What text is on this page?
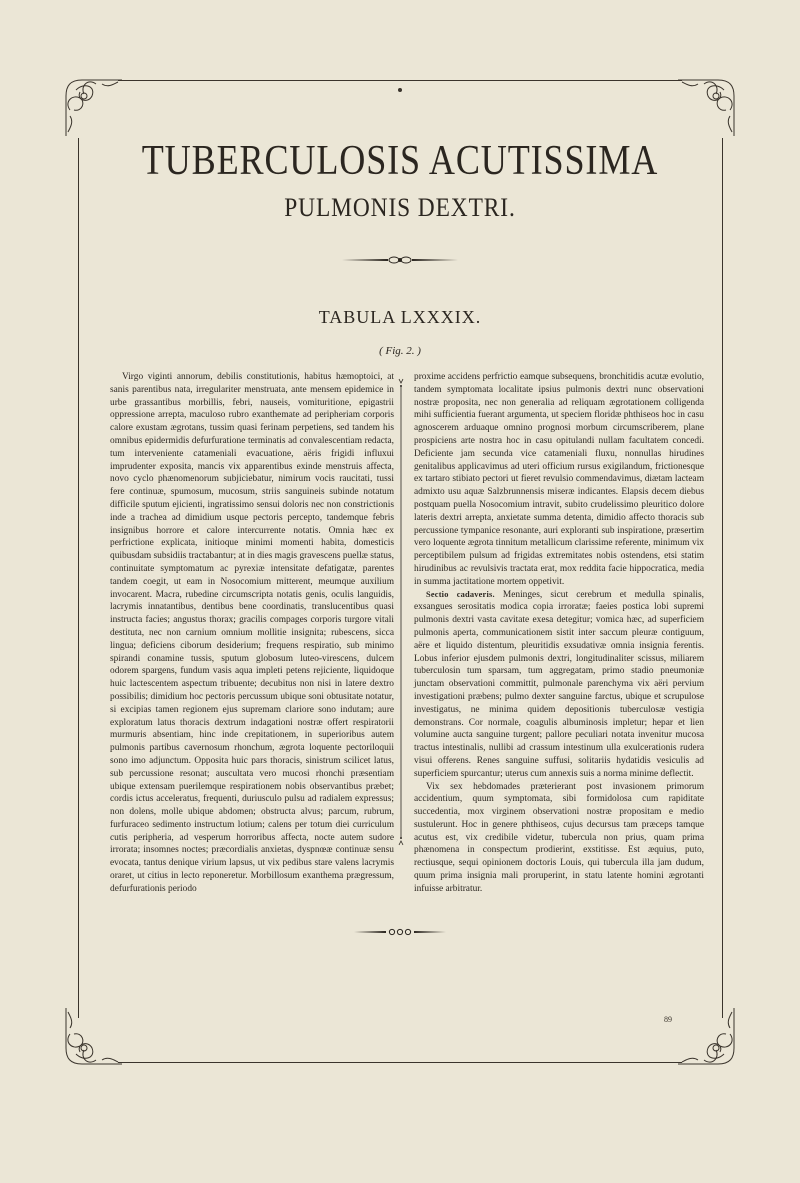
TUBERCULOSIS ACUTISSIMA
PULMONIS DEXTRI.
TABULA LXXXIX.
( Fig. 2. )

Virgo viginti annorum, debilis constitutionis, habitus hæmoptoici, at sanis parentibus nata, irregulariter menstruata, ante mensem epidemice in urbe grassantibus morbillis, febri, nauseis, vomituritione, epigastrii oppressione arrepta, maculoso rubro exanthemate ad peripheriam corporis calore exustam ægrotans, tussim quasi ferinam perpetiens, sed tandem his omnibus epidermidis defurfuratione terminatis ad convalescentiam redacta, tum interveniente catameniali evacuatione, aëris frigidi influxui imprudenter exposita, mancis vix apparentibus exinde menstruis affecta, novo cyclo phænomenorum subjiciebatur, nimirum vocis raucitati, tussi fere continuæ, spumosum, mucosum, striis sanguineis subinde notatum difficile sputum ejicienti, ingratissimo sensui doloris nec non constrictionis inde a trachea ad dimidium usque pectoris percepto, tandemque febris insignibus horrore et calore intercurrente notatis. Omnia hæc ex perfrictione explicata, initioque minimi momenti habita, domesticis quibusdam subsidiis tractabantur; at in dies magis gravescens puellæ status, continuitate symptomatum ac pyrexiæ intensitate defatigatæ, parentes tandem coegit, ut eam in Nosocomium mitterent, meumque auxilium invocarent. Macra, rubedine circumscripta notatis genis, oculis languidis, lacrymis innatantibus, dentibus bene coordinatis, translucentibus quasi instructa facies; angustus thorax; gracilis compages corporis turgore vitali destituta, nec non carnium omnium mollitie insignita; rubescens, sicca lingua; deficiens ciborum desiderium; frequens respiratio, sub minimo spirandi conamine tussis, sputum globosum luteo-virescens, dulcem odorem spargens, fundum vasis aqua impleti petens rejiciente, liquidoque huic lactescentem aspectum tribuente; decubitus non nisi in latere dextro possibilis; dimidium hoc pectoris percussum ubique soni obtusitate notatur, si excipias tamen regionem ejus supremam clariore sono indutam; aure exploratum latus thoracis dextrum indagationi nostræ offert respiratorii murmuris absentiam, hinc inde crepitationem, in superioribus autem pulmonis partibus cavernosum rhonchum, ægrota loquente pectoriloquii sono imo adjunctum. Opposita huic pars thoracis, sinistrum scilicet latus, sub percussione resonat; auscultata vero mucosi rhonchi præsentiam ubique extensam puerilemque respirationem nobis observantibus præbet; cordis ictus acceleratus, frequenti, duriusculo pulsu ad radialem expressus; non dolens, molle ubique abdomen; obstructa alvus; parcum, rubrum, furfuraceo sedimento instructum lotium; calens per totum diei curriculum cutis peripheria, ad vesperum horroribus affecta, nocte autem sudore irrorata; insomnes noctes; præcordialis anxietas, dyspnœæ continuæ sensu evocata, tantus denique virium lapsus, ut vix pedibus stare valens lacrymis oraret, ut citius in lecto reponeretur. Morbillosum exanthema prægressum, defurfurationis periodo

proxime accidens perfrictio eamque subsequens, bronchitidis acutæ evolutio, tandem symptomata localitate ipsius pulmonis dextri nunc observationi nostræ proposita, nec non generalia ad reliquam ægrotationem colligenda mihi sufficientia fuerant argumenta, ut speciem floridæ phthiseos hoc in casu agnoscerem arduaque omnino prognosi morbum circumscriberem, plane prospiciens arte nostra hoc in casu opitulandi nullam facultatem concedi. Deficiente jam secunda vice catameniali fluxu, nonnullas hirudines genitalibus applicavimus ad uteri officium rursus exigilandum, frictionesque ex tartaro stibiato pectori ut fieret revulsio commendavimus, diætam lacteam admixto usu aquæ Salzbrunnensis miseræ indicantes. Elapsis decem diebus postquam puella Nosocomium intravit, subito crudelissimo pleuritico dolore lateris dextri arrepta, anxietate summa detenta, dimidio affecto thoracis sub percussione tympanice resonante, auri exploranti sub inspiratione, præsertim vero loquente ægrota tinnitum metallicum clarissime referente, minimum vix perceptibilem pulsum ad frigidas extremitates nobis ostendens, etsi statim hirudinibus ac revulsivis tractata erat, mox reddita facie hippocratica, media in summa jactitatione mortem oppetivit.

Sectio cadaveris. Meninges, sicut cerebrum et medulla spinalis, exsangues serositatis modica copia irroratæ; faeies postica lobi supremi pulmonis dextri vasta cavitate exesa detegitur; vomica hæc, ad superficiem pulmonis aperta, communicationem sistit inter saccum pleuræ contiguum, aëre et liquido distentum, pleuritidis exsudativæ omnia insignia ferentis. Lobus inferior ejusdem pulmonis dextri, longitudinaliter scissus, miliarem tuberculosin tum sparsam, tum aggregatam, primo stadio pneumoniæ junctam observationi committit, pulmonale parenchyma vix aëri pervium investigationi præbens; pulmo dexter sanguine farctus, ubique et scrupulose investigatus, ne minima quidem depositionis tuberculosæ vestigia demonstrans. Cor normale, coagulis albuminosis impletur; hepar et lien volumine aucta sanguine turgent; pallore peculiari notata invenitur mucosa tractus intestinalis, nullibi ad crassum intestinum ulla exulcerationis rudera visui offerens. Renes sanguine suffusi, solitariis hydatidis vesiculis ad superficiem spurcantur; uterus cum annexis suis a norma minime deflectit.

Vix sex hebdomades præterierant post invasionem primorum accidentium, quum symptomata, sibi formidolosa cum rapiditate succedentia, mox virginem observationi nostræ propositam e medio sustulerunt. Hoc in genere phthiseos, cujus decursus tam præceps tamque acutus est, vix credibile videtur, tubercula non prius, quam prima phænomena in conspectum prodierint, exstitisse. Est æquius, puto, rectiusque, sequi opinionem doctoris Louis, qui tubercula illa jam dudum, quum prima insignia mali proruperint, in statu latente homini ægrotanti infuisse arbitratur.

89
